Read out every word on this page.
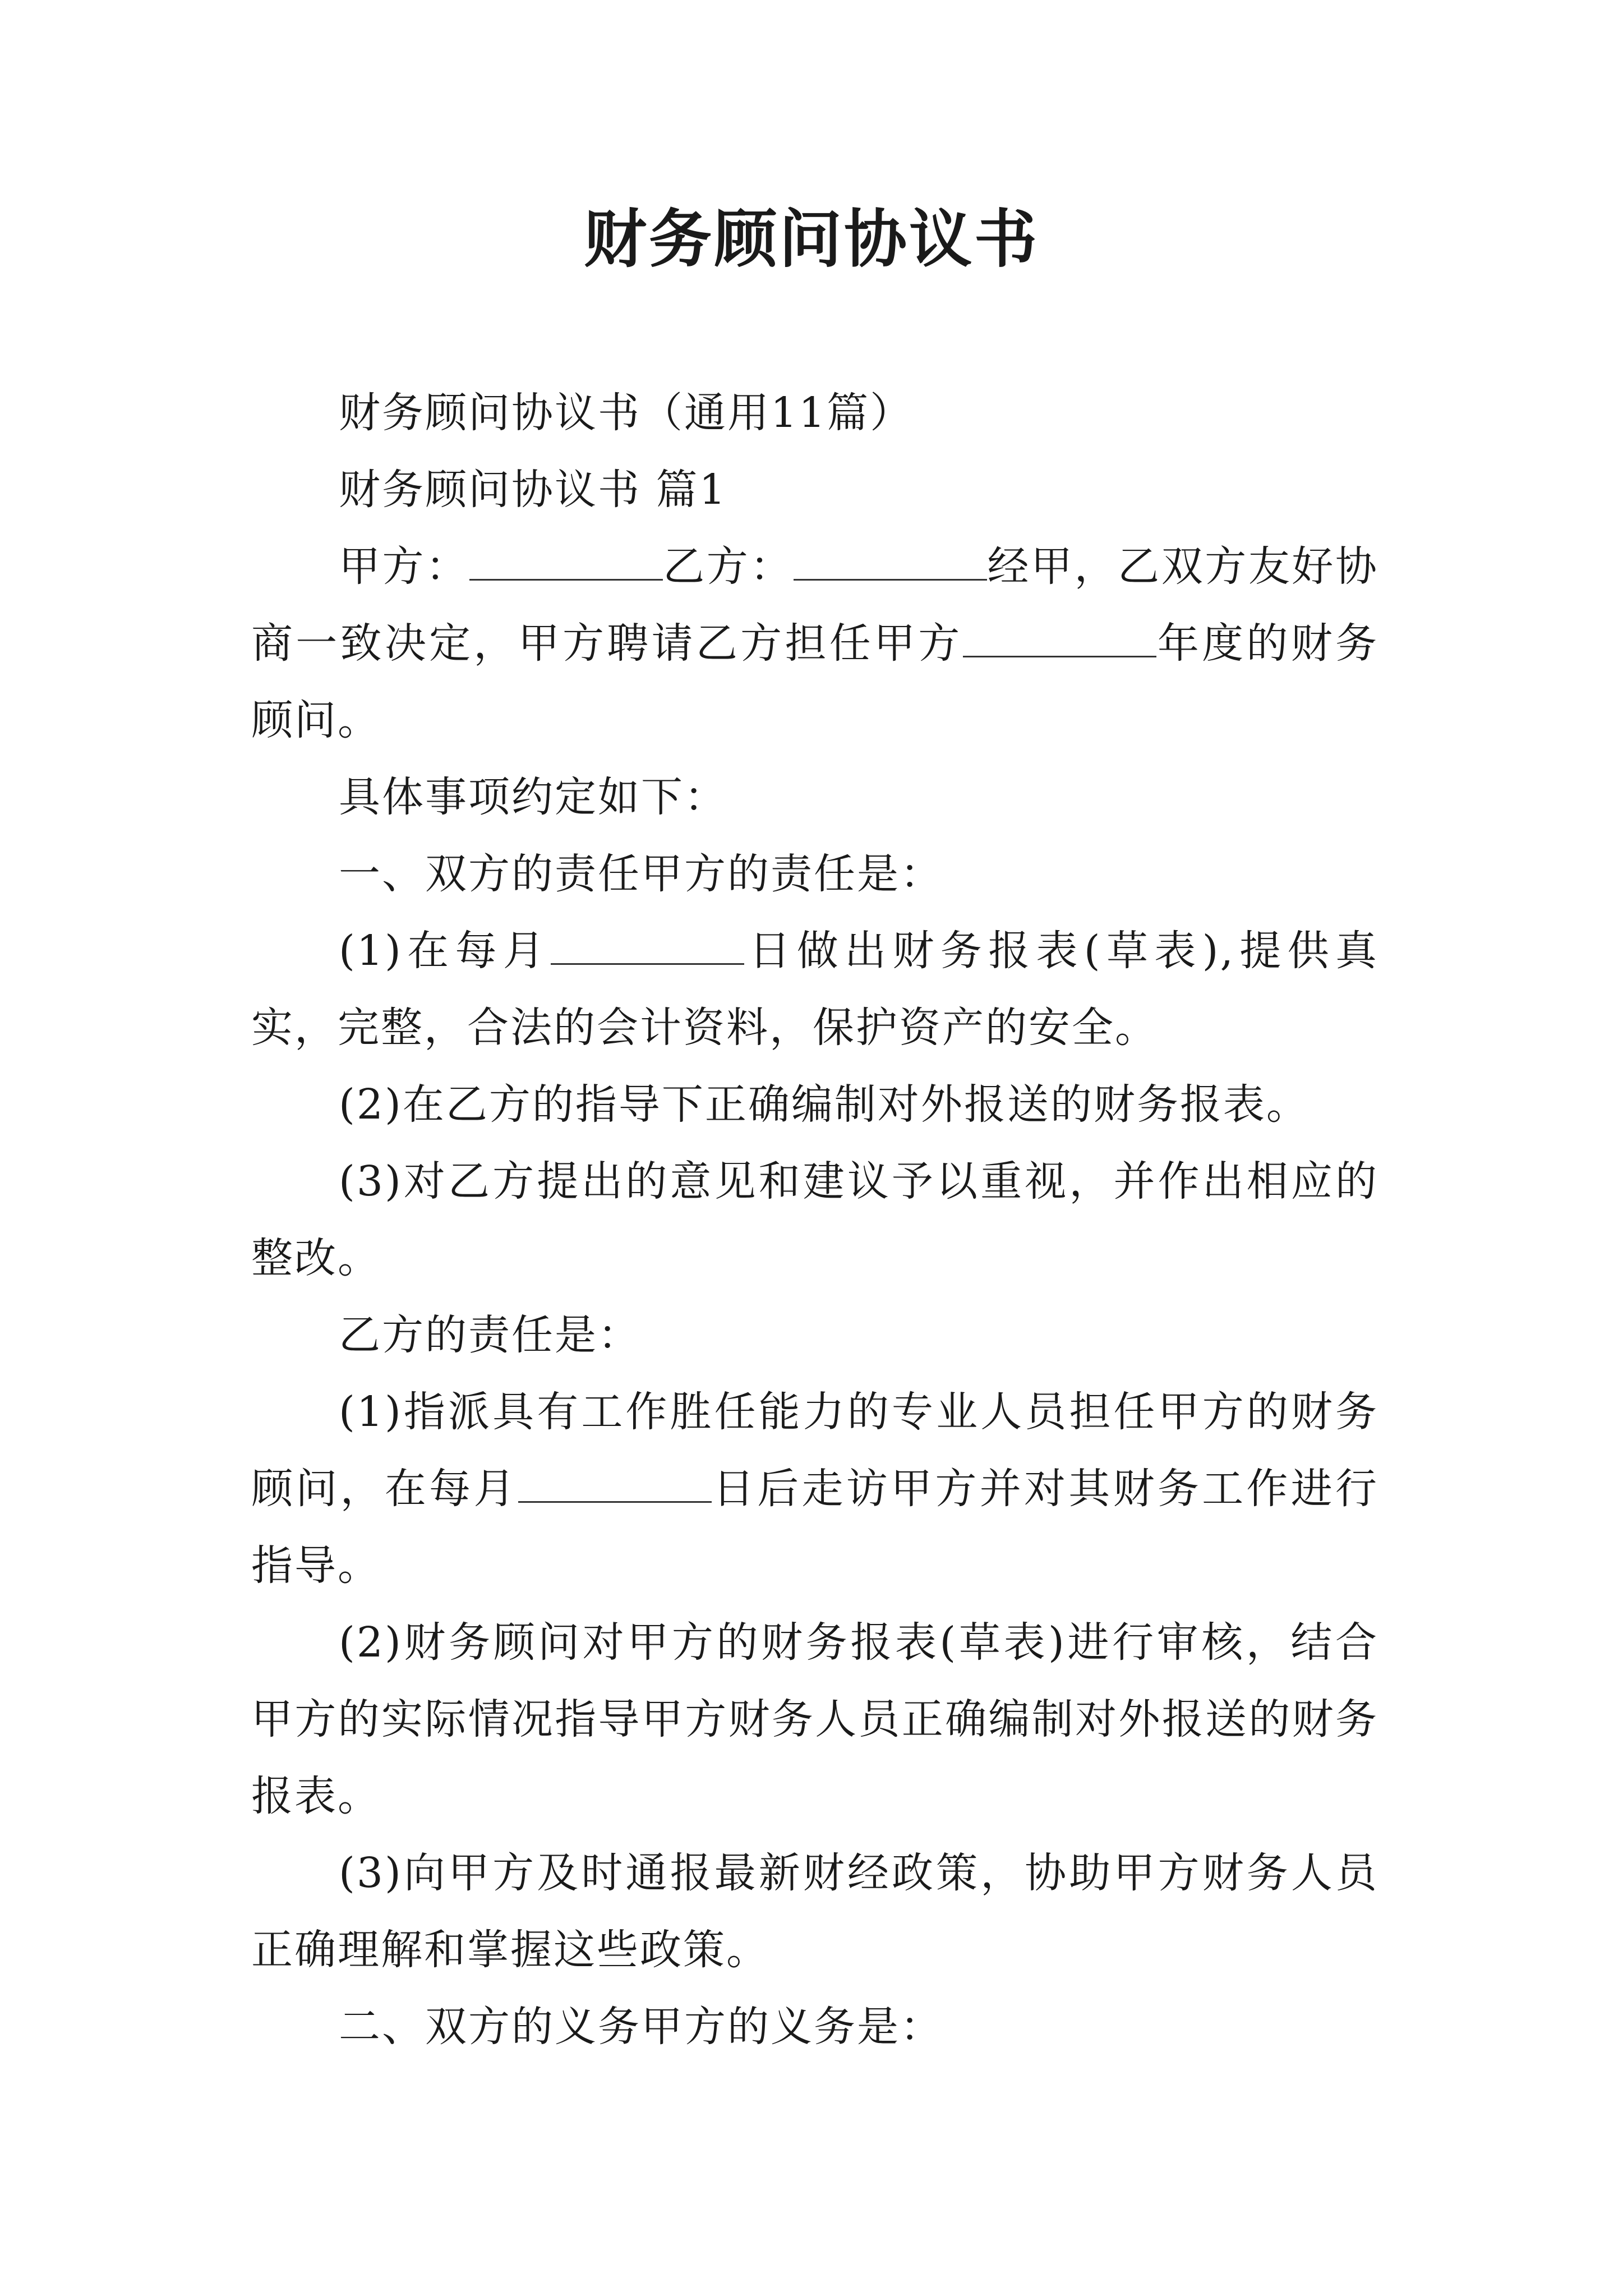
财务顾问协议书

财务顾问协议书（通用11篇）

财务顾问协议书 篇1

甲方：	乙方：	经甲，乙双方友好协商一致决定，甲方聘请乙方担任甲方	年度的财务顾问。

具体事项约定如下：

一、双方的责任甲方的责任是：

(1)在每月	日做出财务报表(草表),提供真实，完整，合法的会计资料，保护资产的安全。

(2)在乙方的指导下正确编制对外报送的财务报表。

(3)对乙方提出的意见和建议予以重视，并作出相应的整改。

乙方的责任是：

(1)指派具有工作胜任能力的专业人员担任甲方的财务顾问，在每月	日后走访甲方并对其财务工作进行指导。

(2)财务顾问对甲方的财务报表(草表)进行审核，结合甲方的实际情况指导甲方财务人员正确编制对外报送的财务报表。

(3)向甲方及时通报最新财经政策，协助甲方财务人员正确理解和掌握这些政策。

二、双方的义务甲方的义务是：
